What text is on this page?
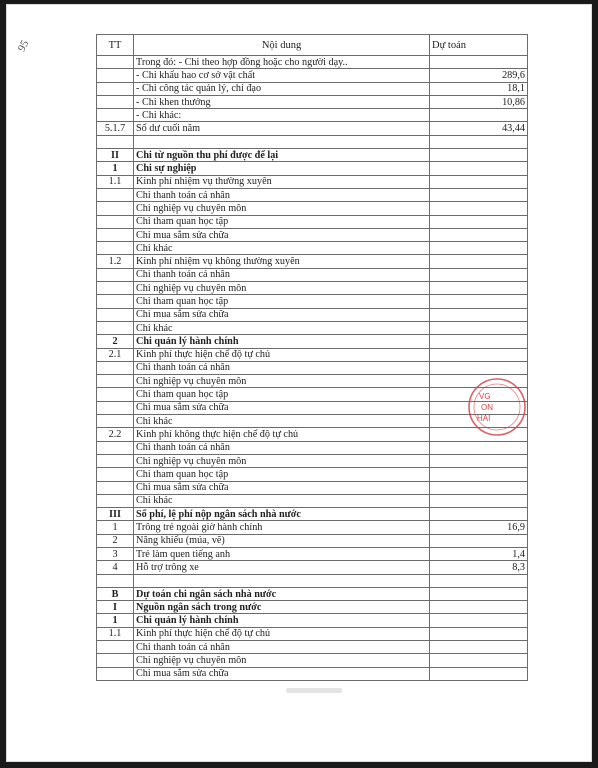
95	TT	Nội dung	Dự toán
	Trong đó: - Chi theo hợp đồng hoặc cho người dạy..	
	- Chi khấu hao cơ sở vật chất	289,6
	- Chi công tác quản lý, chỉ đạo	18,1
	- Chi khen thưởng	10,86
	- Chi khác:	
5.1.7	Số dư cuối năm	43,44

II	Chi từ nguồn thu phí được để lại	
1	Chi sự nghiệp	
1.1	Kinh phí nhiệm vụ thường xuyên	
	Chi thanh toán cá nhân	
	Chi nghiệp vụ chuyên môn	
	Chi tham quan học tập	
	Chi mua sắm sửa chữa	
	Chi khác	
1.2	Kinh phí nhiệm vụ không thường xuyên	
	Chi thanh toán cá nhân	
	Chi nghiệp vụ chuyên môn	
	Chi tham quan học tập	
	Chi mua sắm sửa chữa	
	Chi khác	
2	Chi quản lý hành chính	
2.1	Kinh phí thực hiện chế độ tự chủ	
	Chi thanh toán cá nhân	
	Chi nghiệp vụ chuyên môn	
	Chi tham quan học tập	
	Chi mua sắm sửa chữa	
	Chi khác	
2.2	Kinh phí không thực hiện chế độ tự chủ	
	Chi thanh toán cá nhân	
	Chi nghiệp vụ chuyên môn	
	Chi tham quan học tập	
	Chi mua sắm sửa chữa	
	Chi khác	
III	Số phí, lệ phí nộp ngân sách nhà nước	
1	Trông trẻ ngoài giờ hành chính	16,9
2	Năng khiếu (múa, vẽ)	
3	Trẻ làm quen tiếng anh	1,4
4	Hỗ trợ trông xe	8,3

B	Dự toán chi ngân sách nhà nước	
I	Nguồn ngân sách trong nước	
1	Chi quản lý hành chính	
1.1	Kinh phí thực hiện chế độ tự chủ	
	Chi thanh toán cá nhân	
	Chi nghiệp vụ chuyên môn	
	Chi mua sắm sửa chữa	
VG
ON
HAI
